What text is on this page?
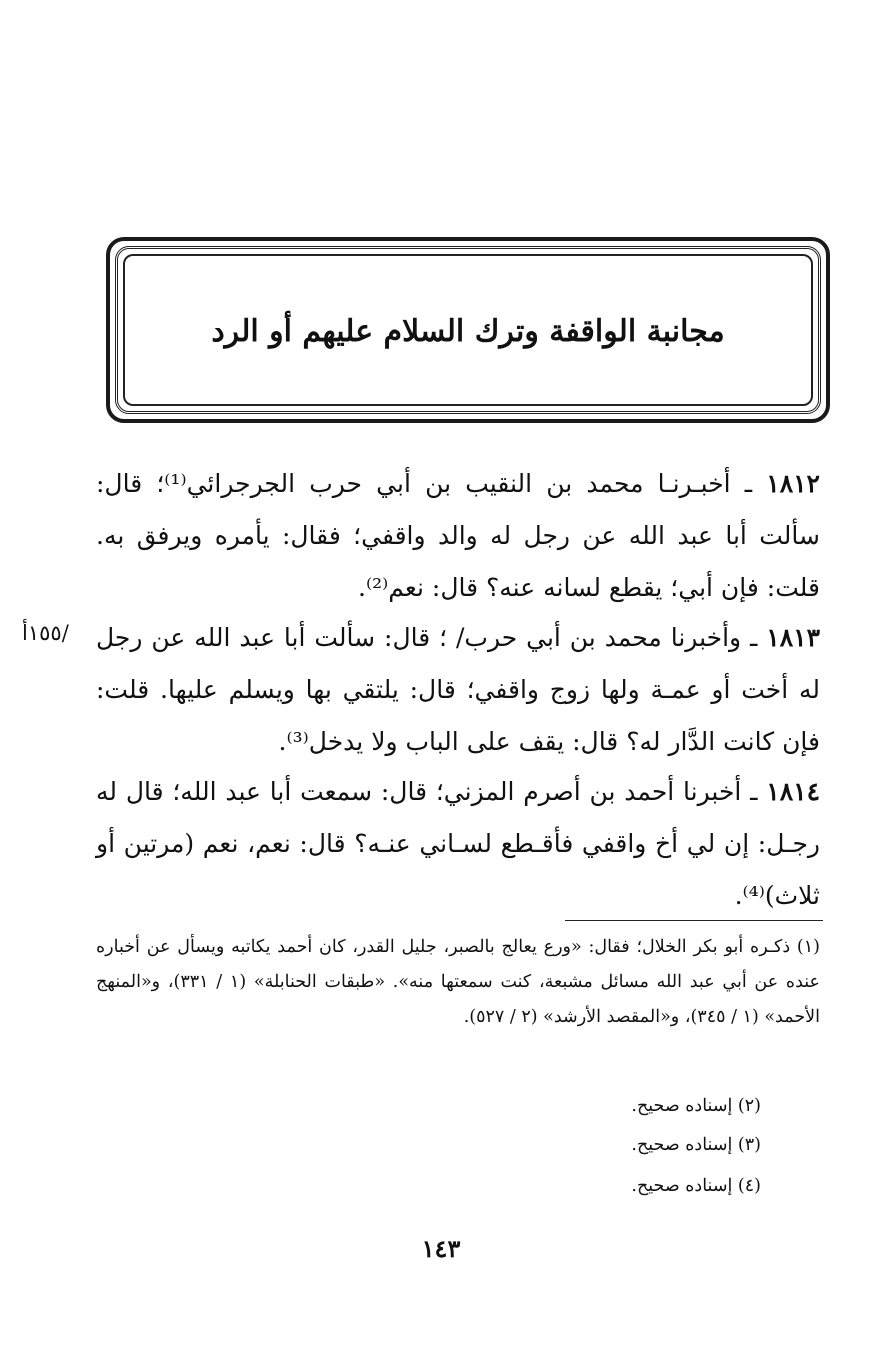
مجانبة الواقفة وترك السلام عليهم أو الرد
١٨١٢ ـ أخبـرنـا محمد بن النقيب بن أبي حرب الجرجرائي⁽¹⁾؛ قال: سألت أبا عبد الله عن رجل له والد واقفي؛ فقال: يأمره ويرفق به. قلت: فإن أبي؛ يقطع لسانه عنه؟ قال: نعم⁽²⁾.
/١٥٥أ	١٨١٣ ـ وأخبرنا محمد بن أبي حرب/ ؛ قال: سألت أبا عبد الله عن رجل له أخت أو عمـة ولها زوج واقفي؛ قال: يلتقي بها ويسلم عليها. قلت: فإن كانت الدَّار له؟ قال: يقف على الباب ولا يدخل⁽³⁾.
١٨١٤ ـ أخبرنا أحمد بن أصرم المزني؛ قال: سمعت أبا عبد الله؛ قال له رجـل: إن لي أخ واقفي فأقـطع لسـاني عنـه؟ قال: نعم، نعم (مرتين أو ثلاث)⁽⁴⁾.
(١) ذكـره أبو بكر الخلال؛ فقال: «ورع يعالج بالصبر، جليل القدر، كان أحمد يكاتبه ويسأل عن أخباره عنده عن أبي عبد الله مسائل مشبعة، كنت سمعتها منه». «طبقات الحنابلة» (١ / ٣٣١)، و«المنهج الأحمد» (١ / ٣٤٥)، و«المقصد الأرشد» (٢ / ٥٢٧).
(٢) إسناده صحيح.
(٣) إسناده صحيح.
(٤) إسناده صحيح.
١٤٣
